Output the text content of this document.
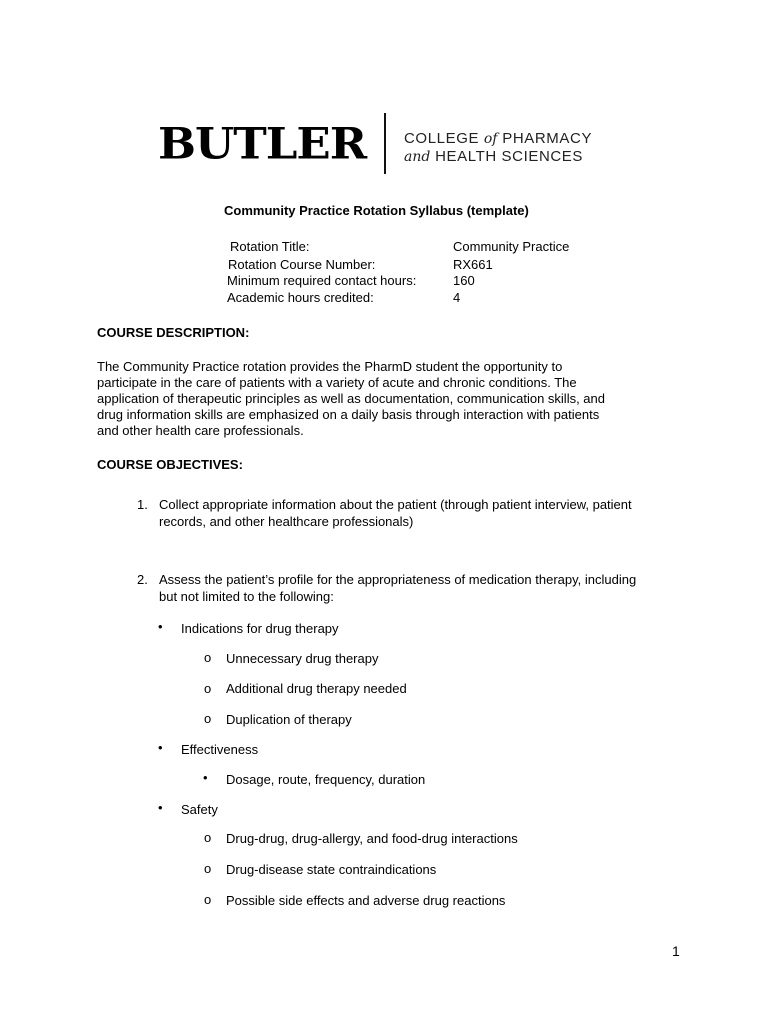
BUTLER	COLLEGE of PHARMACY
and HEALTH SCIENCES
Community Practice Rotation Syllabus (template)
Rotation Title:	Community Practice
Rotation Course Number:	RX661
Minimum required contact hours:	160
Academic hours credited:	4
COURSE DESCRIPTION:
The Community Practice rotation provides the PharmD student the opportunity to
participate in the care of patients with a variety of acute and chronic conditions. The
application of therapeutic principles as well as documentation, communication skills, and
drug information skills are emphasized on a daily basis through interaction with patients
and other health care professionals.
COURSE OBJECTIVES:
1. Collect appropriate information about the patient (through patient interview, patient
records, and other healthcare professionals)
2. Assess the patient’s profile for the appropriateness of medication therapy, including
but not limited to the following:
• Indications for drug therapy
o Unnecessary drug therapy
o Additional drug therapy needed
o Duplication of therapy
• Effectiveness
• Dosage, route, frequency, duration
• Safety
o Drug-drug, drug-allergy, and food-drug interactions
o Drug-disease state contraindications
o Possible side effects and adverse drug reactions
1
